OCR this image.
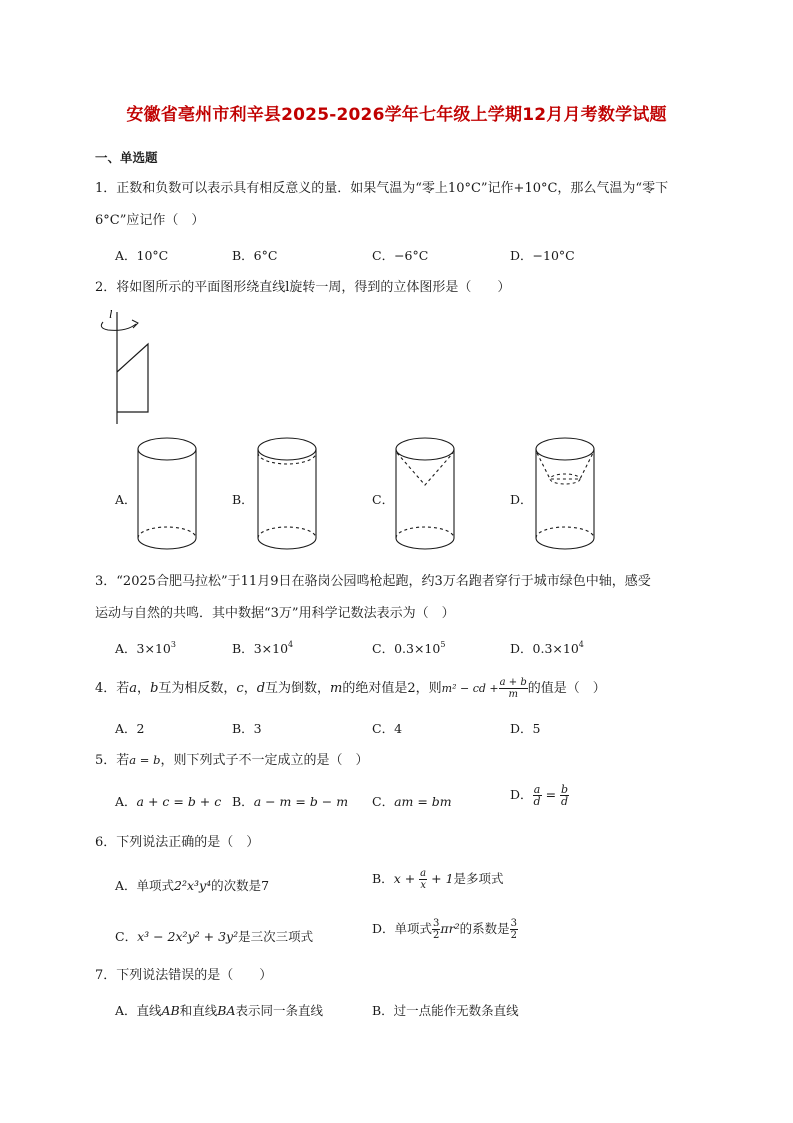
安徽省亳州市利辛县2025-2026学年七年级上学期12月月考数学试题
一、单选题
1．正数和负数可以表示具有相反意义的量．如果气温为“零上10°C”记作+10°C，那么气温为“零下
6°C”应记作（　）
A．10°C	B．6°C	C．−6°C	D．−10°C
2．将如图所示的平面图形绕直线l旋转一周，得到的立体图形是（　　）
l
A．	B．	C．	D．
3．“2025合肥马拉松”于11月9日在骆岗公园鸣枪起跑，约3万名跑者穿行于城市绿色中轴，感受
运动与自然的共鸣．其中数据“3万”用科学记数法表示为（　）
A．$3\times 10^3$	B．$3\times 10^4$	C．$0.3\times 10^5$	D．$0.3\times 10^4$
4．若a，b互为相反数，c，d互为倒数，m的绝对值是2，则m² − cd + $\frac{a + b}{m}$ 的值是（　）
A．2	B．3	C．4	D．5
5．若a = b，则下列式子不一定成立的是（　）
A．a + c = b + c B．a − m = b − m C．am = bm	D． $\frac{a}{d} = \frac{b}{d}$
6．下列说法正确的是（　）
A．单项式2²x³y⁴的次数是7	B．$x + \frac{a}{x} + 1$是多项式
C．x³ − 2x²y² + 3y²是三次三项式
D．单项式 $\frac{3}{2} \pi r^2$的系数是 $\frac{3}{2}$
7．下列说法错误的是（　　）
A．直线AB和直线BA表示同一条直线	B．过一点能作无数条直线
